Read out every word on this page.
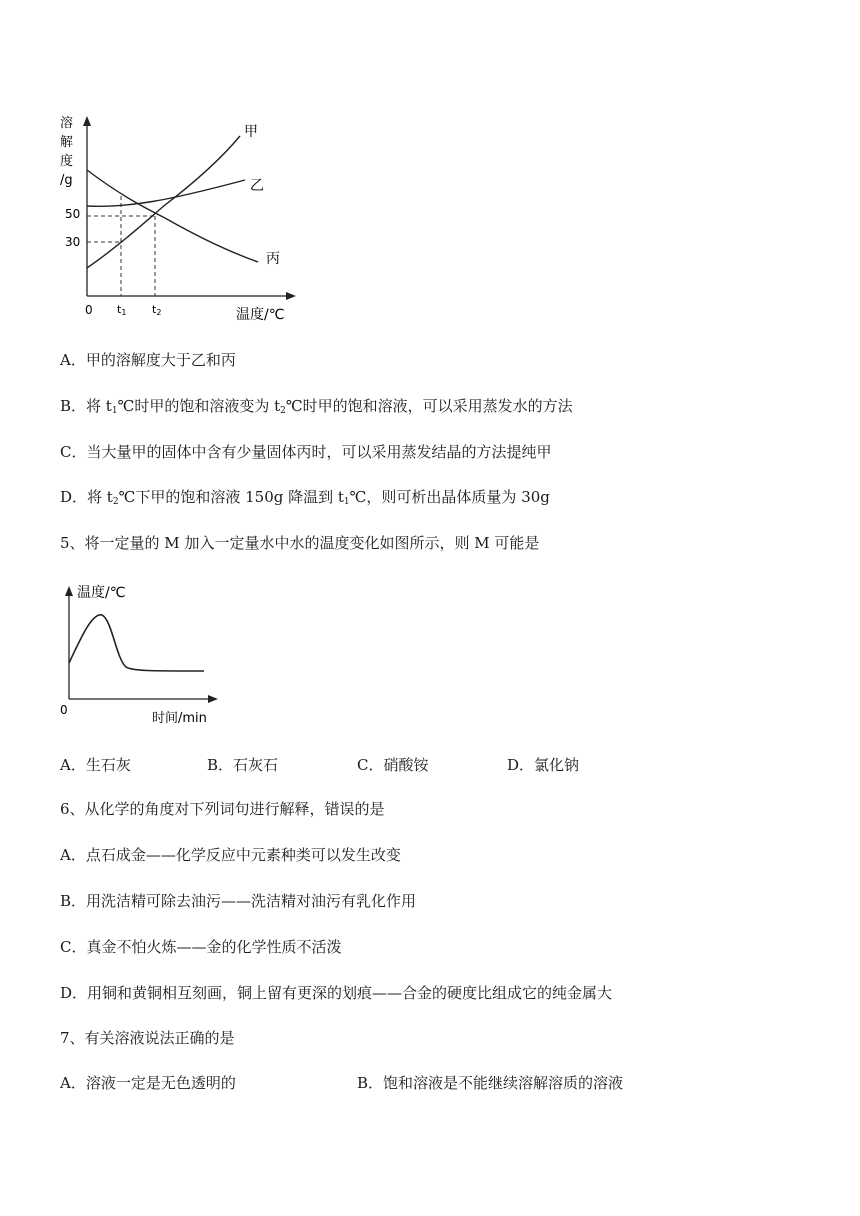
溶
解
度
/g
50
30
0 t1 t2	温度/℃
甲
乙
丙
A．甲的溶解度大于乙和丙
B．将 $t_1℃$时甲的饱和溶液变为 $t_2℃$时甲的饱和溶液，可以采用蒸发水的方法
C．当大量甲的固体中含有少量固体丙时，可以采用蒸发结晶的方法提纯甲
D．将 $t_2℃$下甲的饱和溶液 150g 降温到 $t_1℃$，则可析出晶体质量为 30g
5、将一定量的 M 加入一定量水中水的温度变化如图所示，则 M 可能是
温度/℃
0
时间/min
A．生石灰	B．石灰石	C．硝酸铵	D．氯化钠
6、从化学的角度对下列词句进行解释，错误的是
A．点石成金——化学反应中元素种类可以发生改变
B．用洗洁精可除去油污——洗洁精对油污有乳化作用
C．真金不怕火炼——金的化学性质不活泼
D．用铜和黄铜相互刻画，铜上留有更深的划痕——合金的硬度比组成它的纯金属大
7、有关溶液说法正确的是
A．溶液一定是无色透明的	B．饱和溶液是不能继续溶解溶质的溶液
